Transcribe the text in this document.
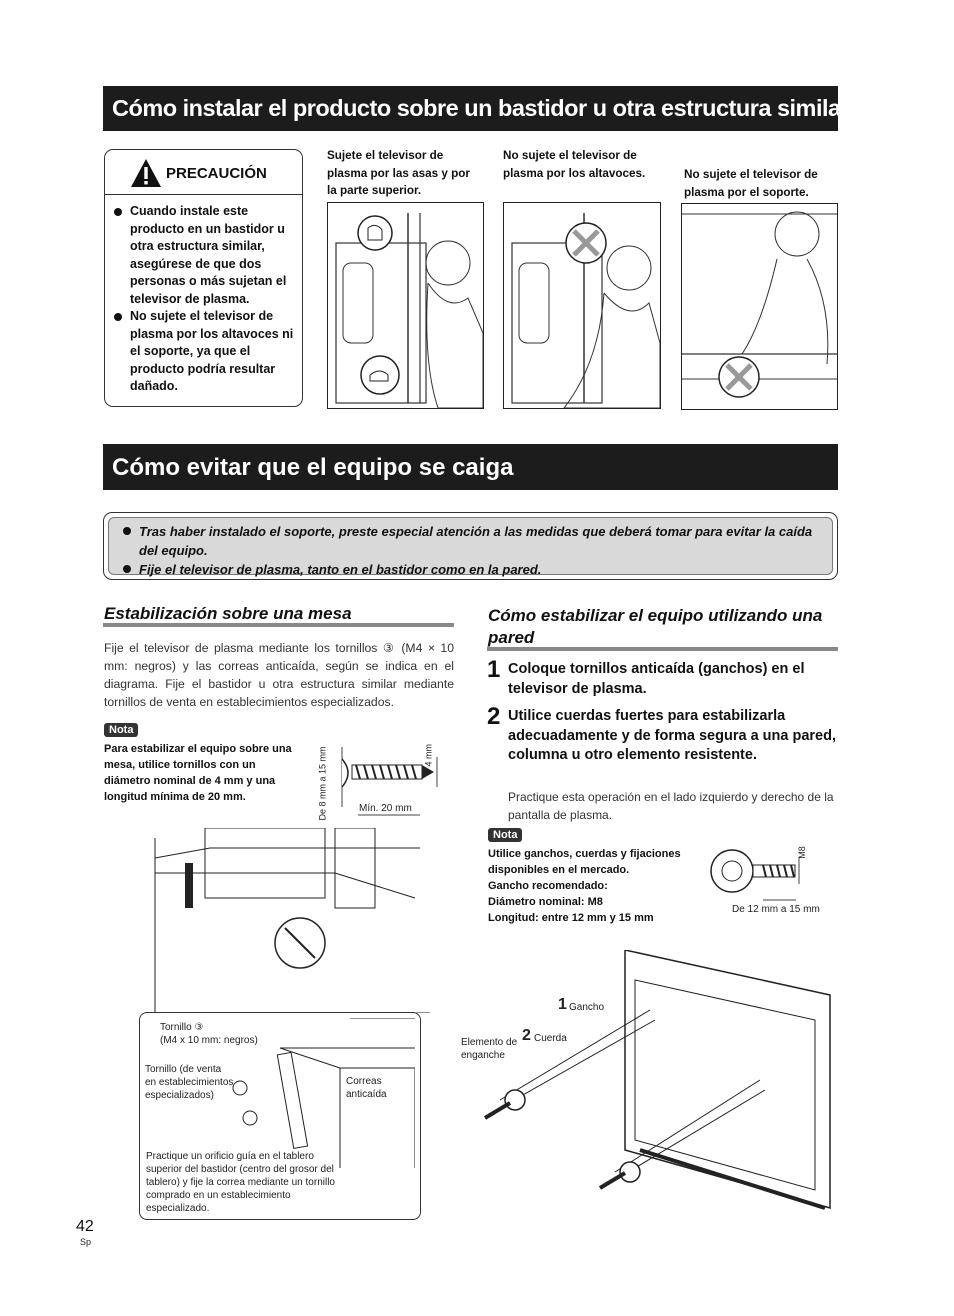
Cómo instalar el producto sobre un bastidor u otra estructura similar
PRECAUCIÓN
Cuando instale este producto en un bastidor u otra estructura similar, asegúrese de que dos personas o más sujetan el televisor de plasma.
No sujete el televisor de plasma por los altavoces ni el soporte, ya que el producto podría resultar dañado.
Sujete el televisor de plasma por las asas y por la parte superior.
No sujete el televisor de plasma por los altavoces.	No sujete el televisor de plasma por el soporte.
Cómo evitar que el equipo se caiga
Tras haber instalado el soporte, preste especial atención a las medidas que deberá tomar para evitar la caída del equipo.
Fije el televisor de plasma, tanto en el bastidor como en la pared.
Estabilización sobre una mesa
Fije el televisor de plasma mediante los tornillos ③ (M4 × 10 mm: negros) y las correas anticaída, según se indica en el diagrama. Fije el bastidor u otra estructura similar mediante tornillos de venta en establecimientos especializados.
Nota
Para estabilizar el equipo sobre una mesa, utilice tornillos con un diámetro nominal de 4 mm y una longitud mínima de 20 mm.	De 8 mm a 15 mm	4 mm
Mín. 20 mm
Tornillo ③
(M4 x 10 mm: negros)
Tornillo (de venta en establecimientos especializados)
Correas anticaída
Practique un orificio guía en el tablero superior del bastidor (centro del grosor del tablero) y fije la correa mediante un tornillo comprado en un establecimiento especializado.
Cómo estabilizar el equipo utilizando una pared
1 Coloque tornillos anticaída (ganchos) en el televisor de plasma.
2 Utilice cuerdas fuertes para estabilizarla adecuadamente y de forma segura a una pared, columna u otro elemento resistente.
Practique esta operación en el lado izquierdo y derecho de la pantalla de plasma.
Nota
Utilice ganchos, cuerdas y fijaciones disponibles en el mercado.
Gancho recomendado:
Diámetro nominal: M8
Longitud: entre 12 mm y 15 mm
M8
De 12 mm a 15 mm
1 Gancho
2 Cuerda
Elemento de enganche
42
Sp
